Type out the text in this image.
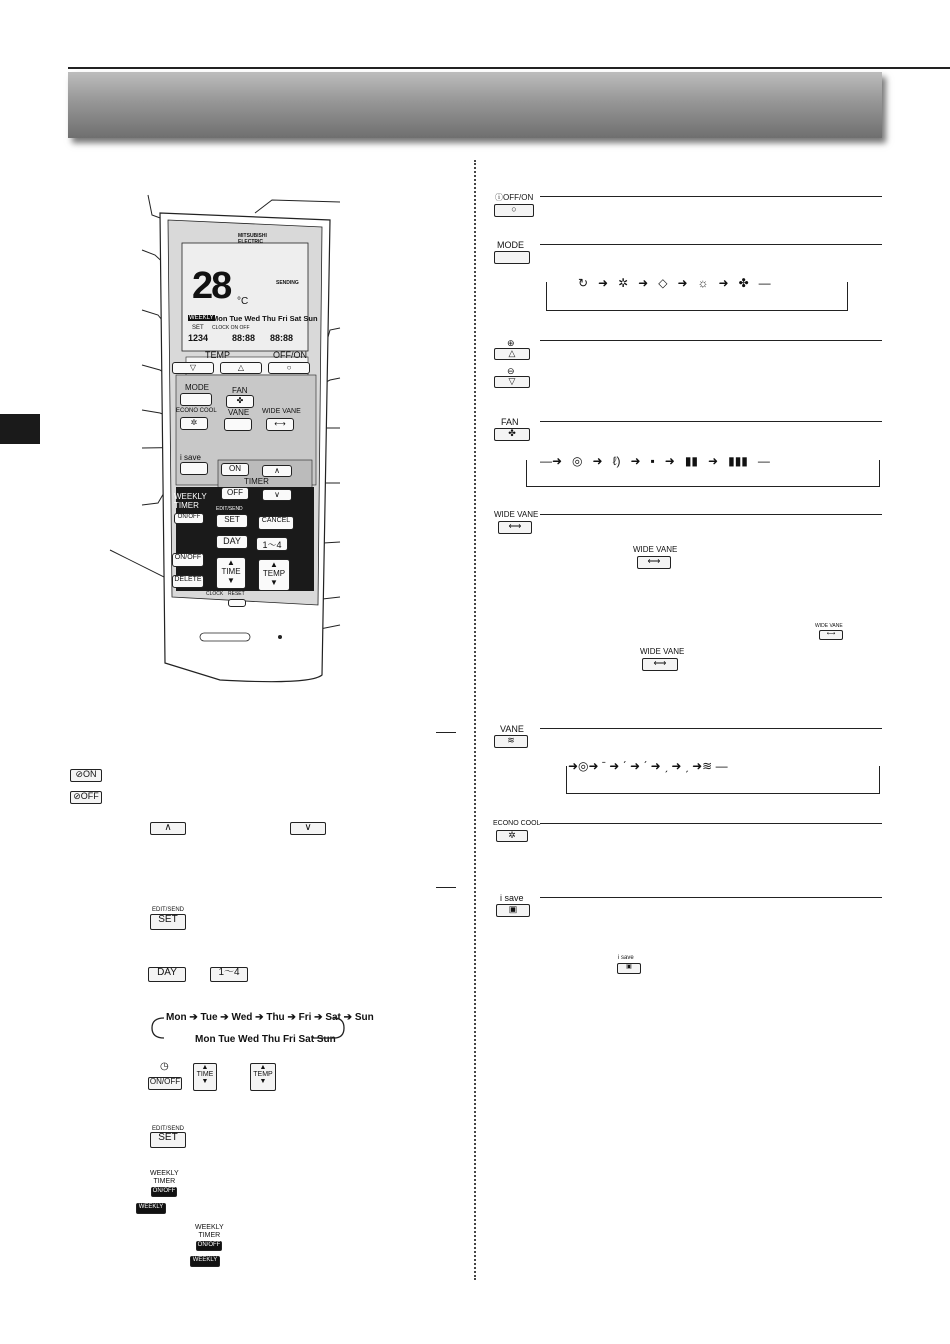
MITSUBISHI
ELECTRIC
28 °C
SENDING
WEEKLY
Mon Tue Wed Thu Fri Sat Sun
SET CLOCK ON OFF
1234	88:88 88:88
TEMP	OFF/ON
▽	△	○
MODE	FAN
✤
ECONO COOL
✲
VANE WIDE VANE
⟷
i save
ON
OFF
TIMER
∧
∨
WEEKLY
TIMER
ON/OFF
EDIT/SEND
SET	CANCEL
DAY	1～4
ON/OFF
DELETE
▲
TIME
▼
▲
TEMP
▼
CLOCK RESET
⊘ON
⊘OFF
∧	∨
EDIT/SEND
SET
DAY	1～4
Mon ➔ Tue ➔ Wed ➔ Thu ➔ Fri ➔ Sat ➔ Sun
Mon Tue Wed Thu Fri Sat Sun
◷
ON/OFF
▲
TIME
▼
▲
TEMP
▼
EDIT/SEND
SET
WEEKLY
TIMER
ON/OFF
WEEKLY
WEEKLY
TIMER
ON/OFF
WEEKLY
ⓘOFF/ON
○
MODE
↻   ➜   ✲   ➜   ◇   ➜   ☼   ➜   ✤   —
⊕
△
⊖
▽
FAN
✤
—➜   ◎   ➜   ℓ)   ➜   ▪   ➜   ▮▮   ➜   ▮▮▮   —
WIDE VANE
⟷
WIDE VANE
⟷
WIDE VANE
⟷
WIDE VANE
⟷
VANE
≋
➜◎➜ ˉ ➜ ˊ ➜ ˊ ➜ ˏ ➜ ˏ ➜≋ —
ECONO COOL
✲
i save
▣
i save
▣
